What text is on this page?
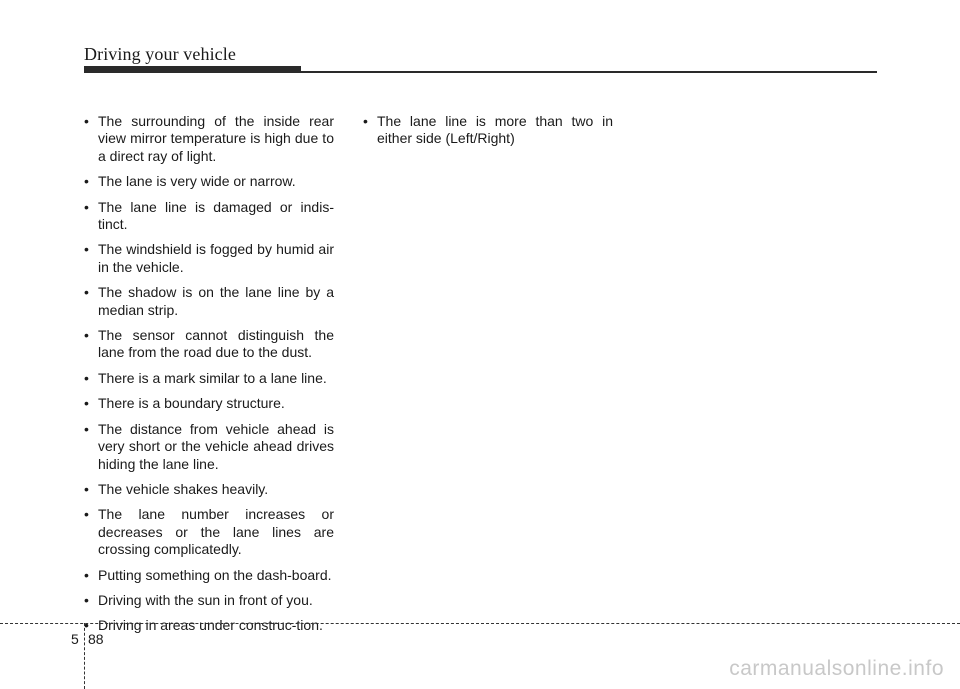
Driving your vehicle
• The surrounding of the inside rear view mirror temperature is high due to a direct ray of light.
• The lane is very wide or narrow.
• The lane line is damaged or indis-tinct.
• The windshield is fogged by humid air in the vehicle.
• The shadow is on the lane line by a median strip.
• The sensor cannot distinguish the lane from the road due to the dust.
• There is a mark similar to a lane line.
• There is a boundary structure.
• The distance from vehicle ahead is very short or the vehicle ahead drives hiding the lane line.
• The vehicle shakes heavily.
• The lane number increases or decreases or the lane lines are crossing complicatedly.
• Putting something on the dash-board.
• Driving with the sun in front of you.
• Driving in areas under construc-tion.
• The lane line is more than two in either side (Left/Right)
5 88
carmanualsonline.info
